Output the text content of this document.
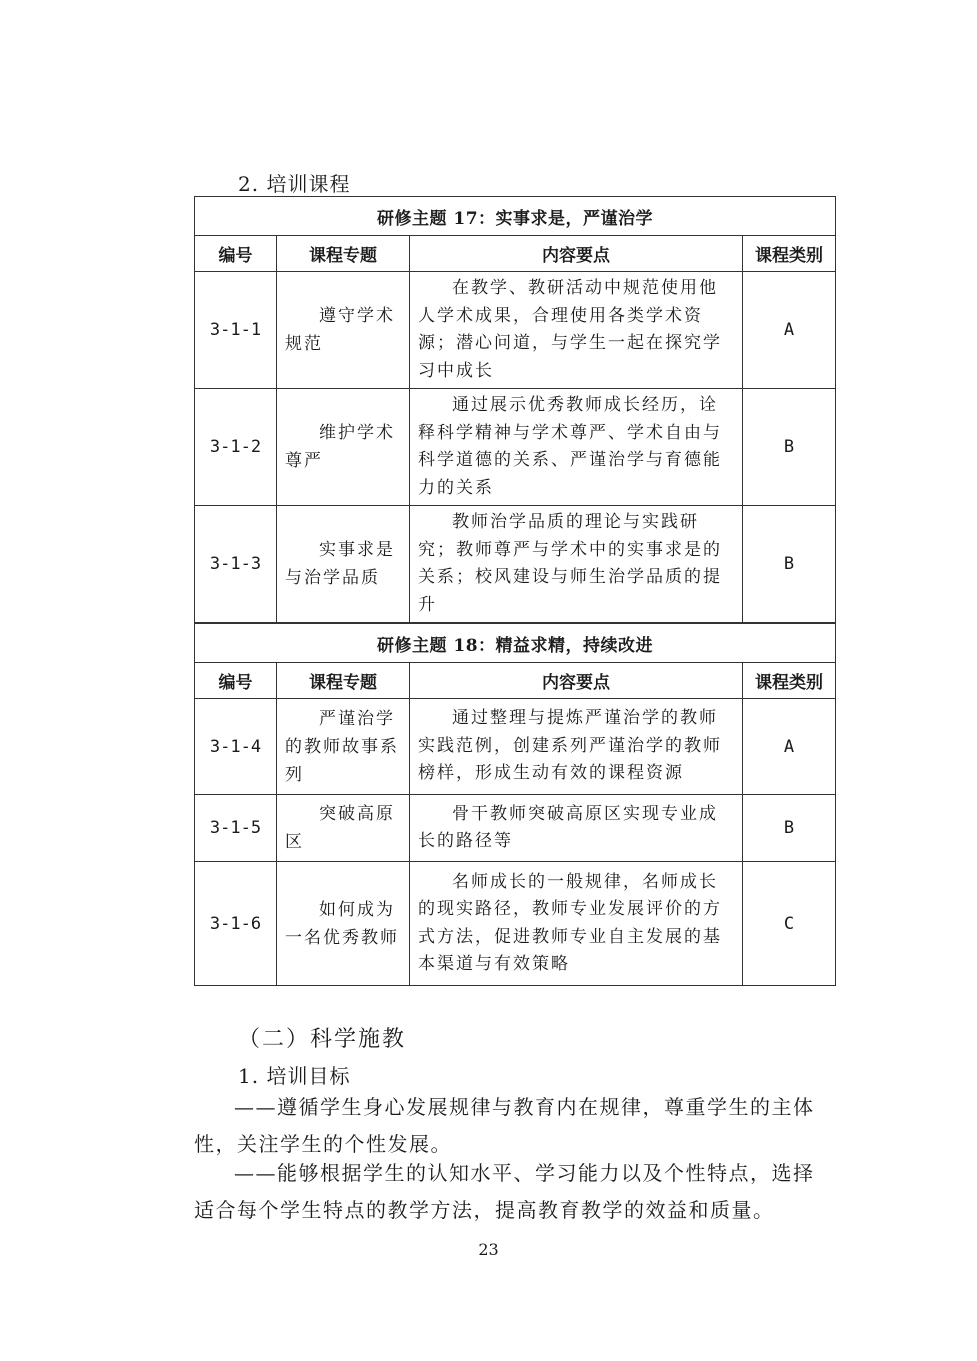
2. 培训课程
研修主题 17：实事求是，严谨治学			
编号	课程专题	内容要点	课程类别
3-1-1	遵守学术规范	在教学、教研活动中规范使用他人学术成果，合理使用各类学术资源；潜心问道，与学生一起在探究学习中成长	A
3-1-2	维护学术尊严	通过展示优秀教师成长经历，诠释科学精神与学术尊严、学术自由与科学道德的关系、严谨治学与育德能力的关系	B
3-1-3	实事求是与治学品质	教师治学品质的理论与实践研究；教师尊严与学术中的实事求是的关系；校风建设与师生治学品质的提升	B
研修主题 18：精益求精，持续改进			
编号	课程专题	内容要点	课程类别
3-1-4	严谨治学的教师故事系列	通过整理与提炼严谨治学的教师实践范例，创建系列严谨治学的教师榜样，形成生动有效的课程资源	A
3-1-5	突破高原区	骨干教师突破高原区实现专业成长的路径等	B
3-1-6	如何成为一名优秀教师	名师成长的一般规律，名师成长的现实路径，教师专业发展评价的方式方法，促进教师专业自主发展的基本渠道与有效策略	C
（二）科学施教
1. 培训目标

——遵循学生身心发展规律与教育内在规律，尊重学生的主体性，关注学生的个性发展。

——能够根据学生的认知水平、学习能力以及个性特点，选择适合每个学生特点的教学方法，提高教育教学的效益和质量。

23
